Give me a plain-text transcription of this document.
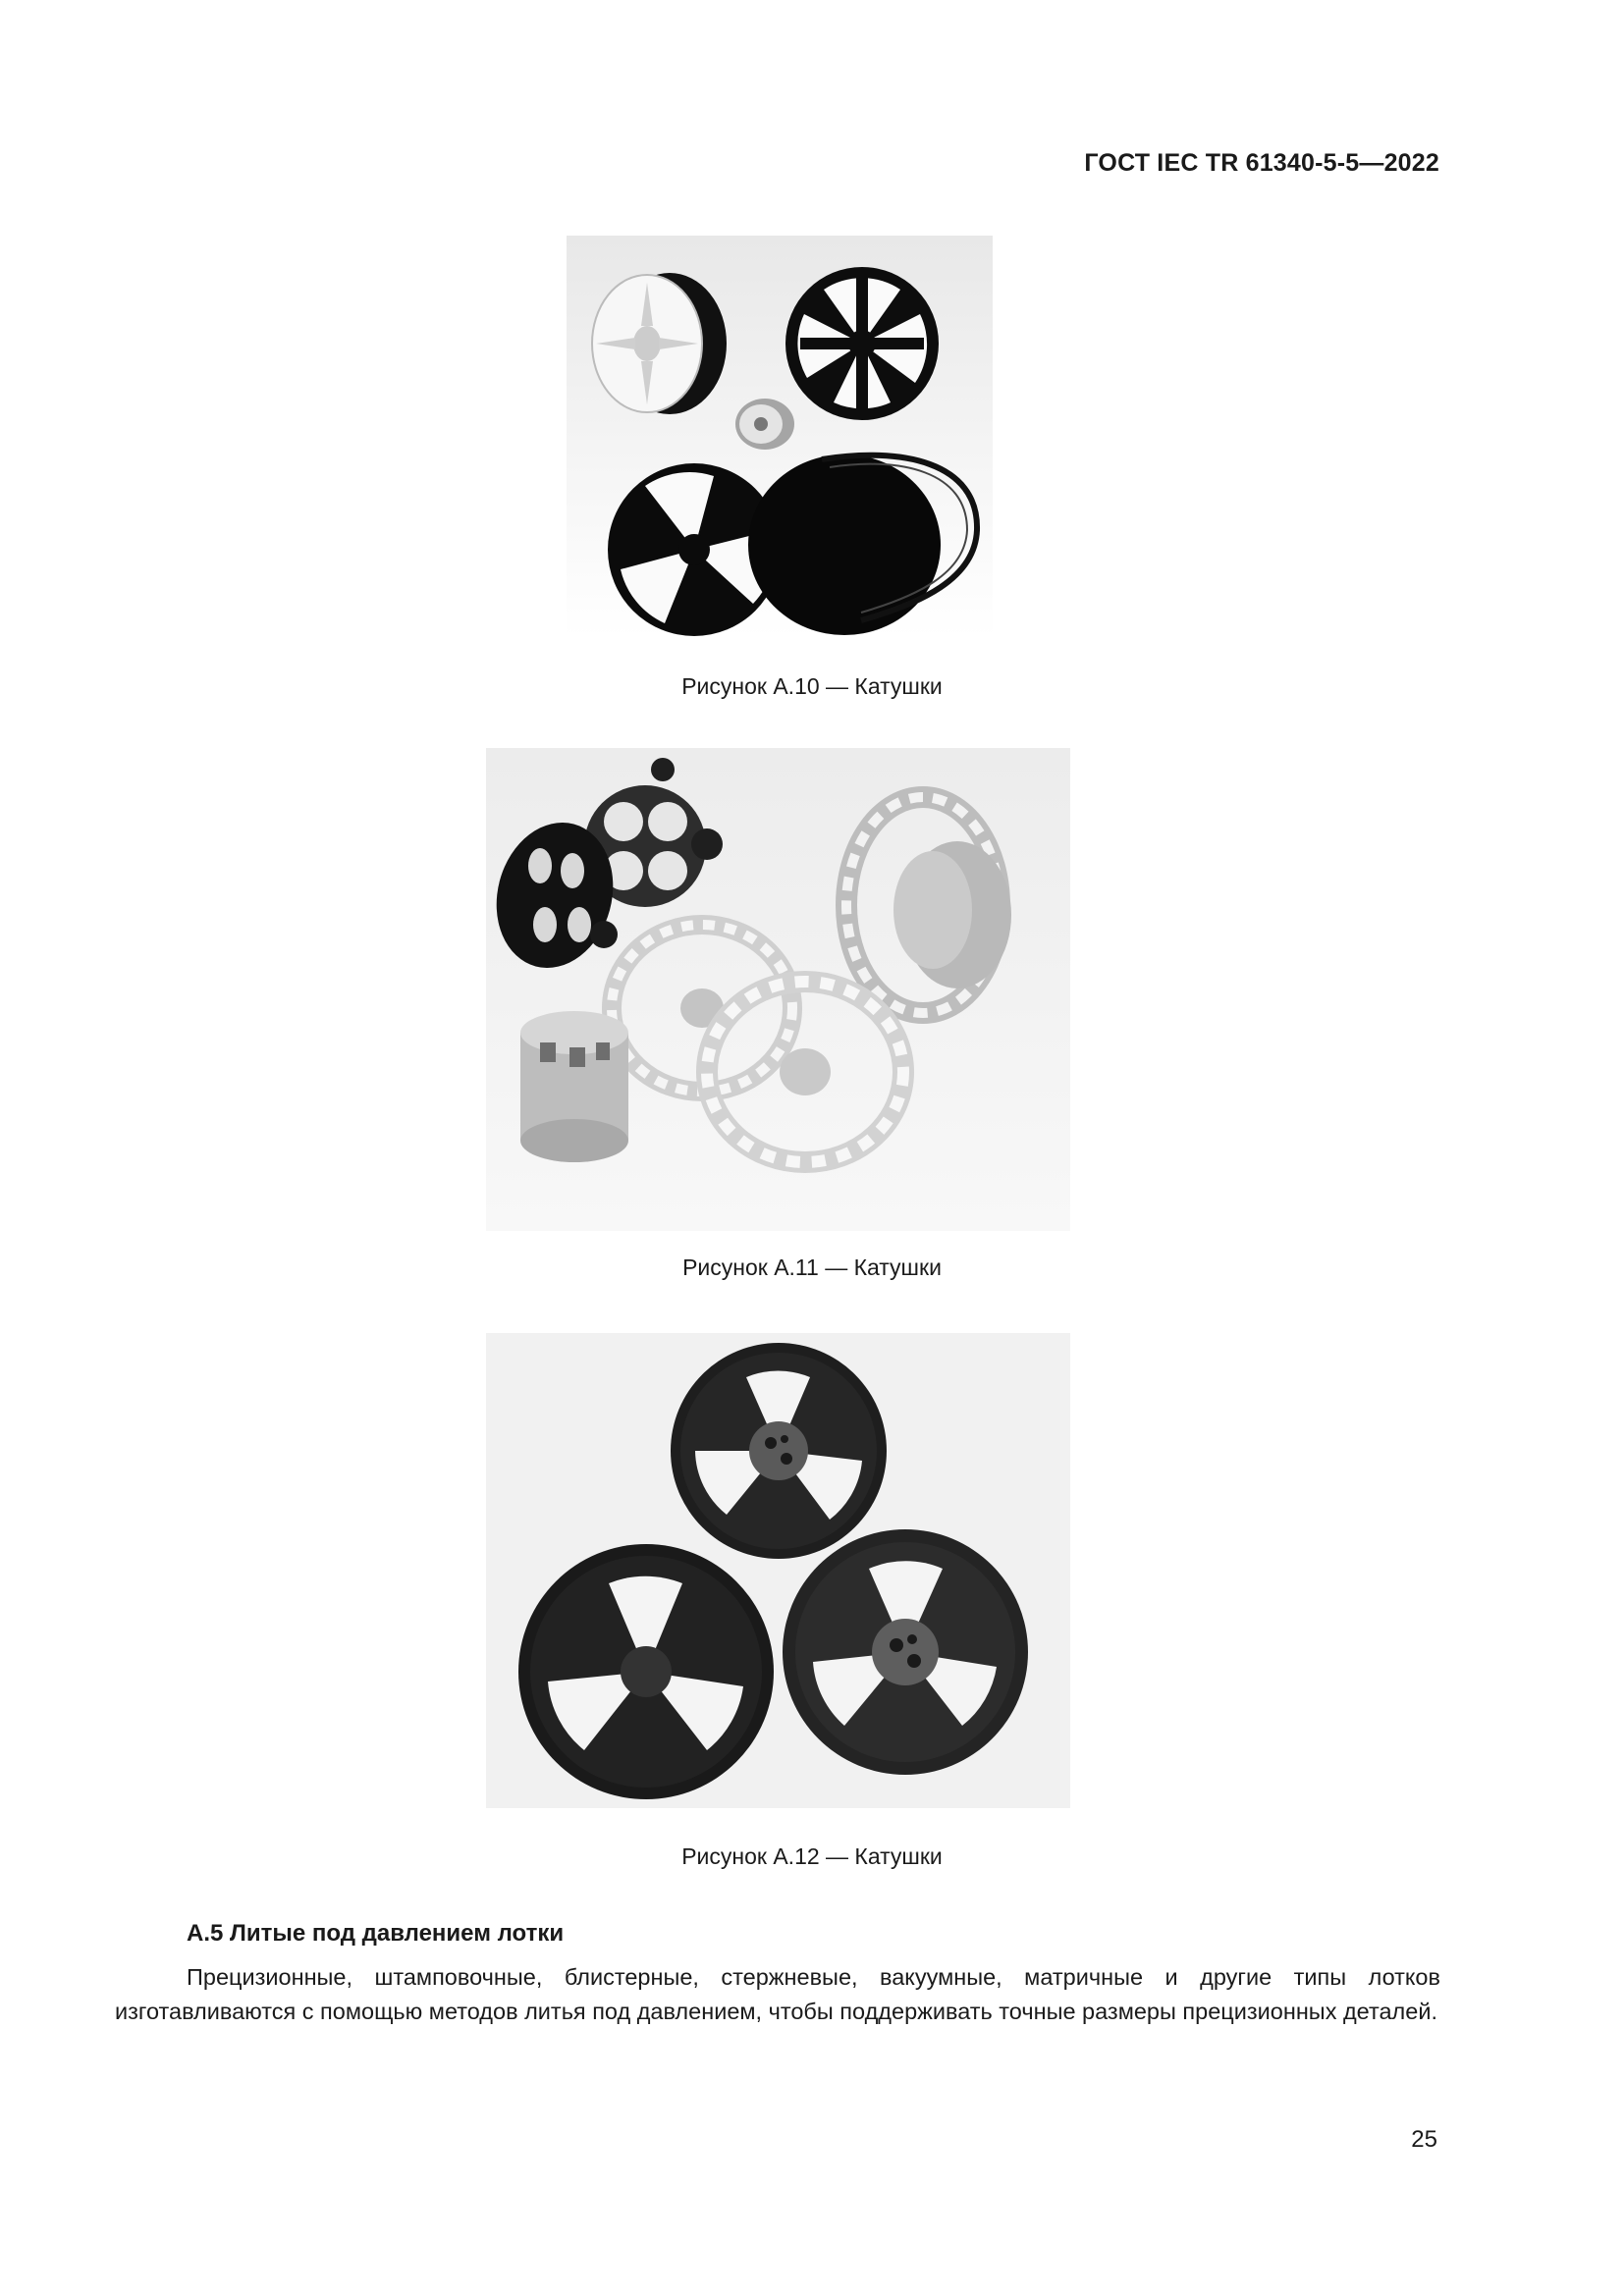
ГОСТ IEC TR 61340-5-5—2022
Рисунок А.10 — Катушки
Рисунок А.11 — Катушки
Рисунок А.12 — Катушки
А.5 Литые под давлением лотки
Прецизионные, штамповочные, блистерные, стержневые, вакуумные, матричные и другие типы лотков изготавливаются с помощью методов литья под давлением, чтобы поддерживать точные размеры прецизионных деталей.
25
